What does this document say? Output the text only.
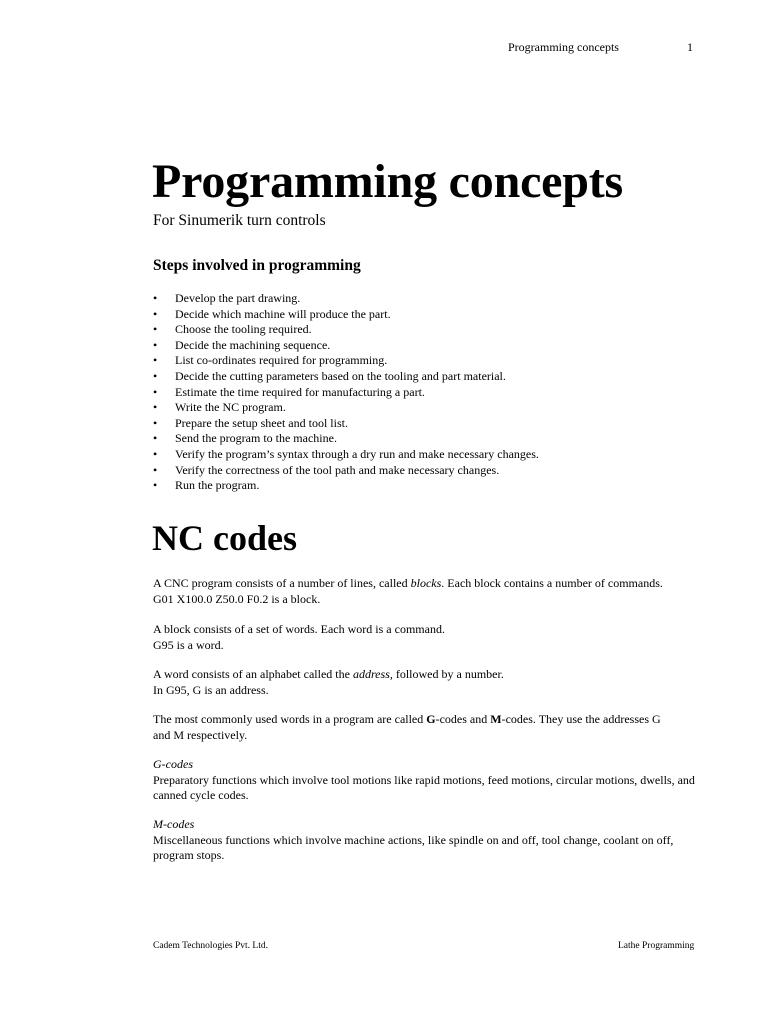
Programming concepts	1
Programming concepts
For Sinumerik turn controls
Steps involved in programming
• Develop the part drawing.
• Decide which machine will produce the part.
• Choose the tooling required.
• Decide the machining sequence.
• List co-ordinates required for programming.
• Decide the cutting parameters based on the tooling and part material.
• Estimate the time required for manufacturing a part.
• Write the NC program.
• Prepare the setup sheet and tool list.
• Send the program to the machine.
• Verify the program’s syntax through a dry run and make necessary changes.
• Verify the correctness of the tool path and make necessary changes.
• Run the program.
NC codes
A CNC program consists of a number of lines, called blocks. Each block contains a number of commands.
G01 X100.0 Z50.0 F0.2 is a block.
A block consists of a set of words. Each word is a command.
G95 is a word.
A word consists of an alphabet called the address, followed by a number.
In G95, G is an address.
The most commonly used words in a program are called G-codes and M-codes. They use the addresses G
and M respectively.
G-codes
Preparatory functions which involve tool motions like rapid motions, feed motions, circular motions, dwells, and canned cycle codes.
M-codes
Miscellaneous functions which involve machine actions, like spindle on and off, tool change, coolant on off, program stops.
Cadem Technologies Pvt. Ltd.	Lathe Programming
